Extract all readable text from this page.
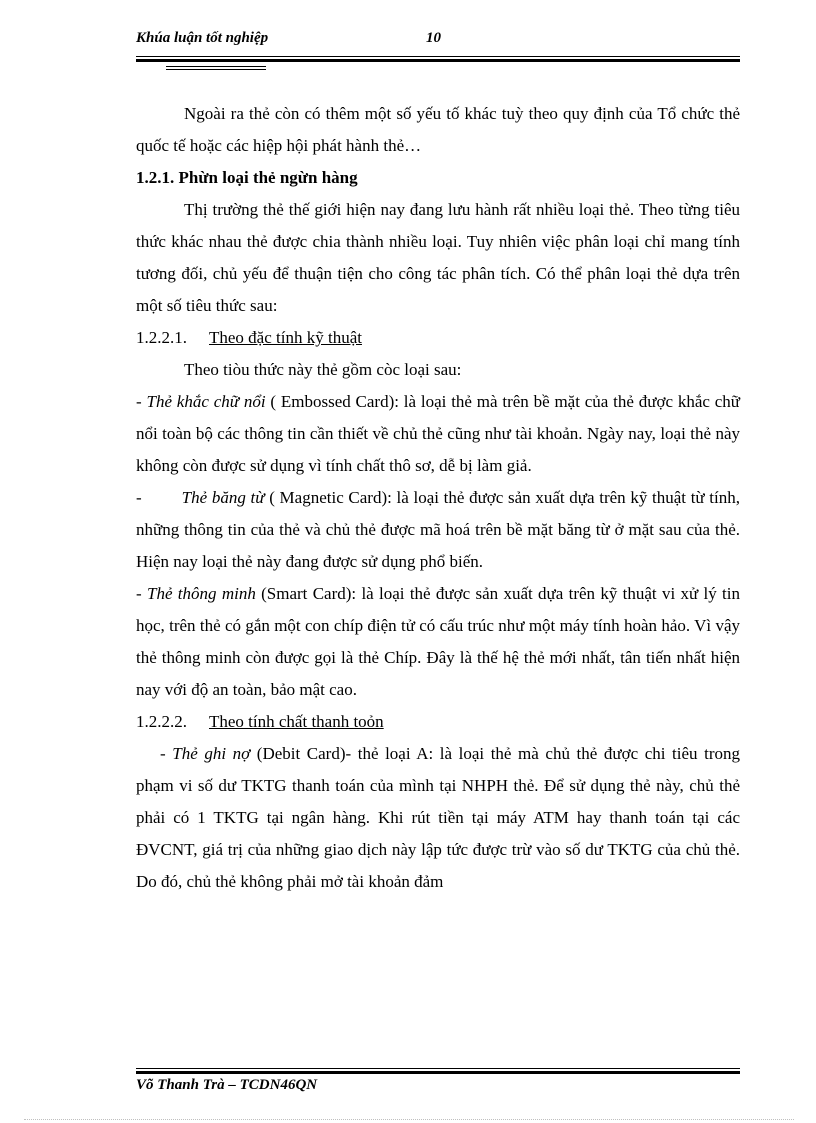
Khúa luận tốt nghiệp	10

Ngoài ra thẻ còn có thêm một số yếu tố khác tuỳ theo quy định của Tổ chức thẻ quốc tế hoặc các hiệp hội phát hành thẻ…

1.2.1. Phừn loại thẻ ngừn hàng

Thị trường thẻ thế giới hiện nay đang lưu hành rất nhiều loại thẻ. Theo từng tiêu thức khác nhau thẻ được chia thành nhiều loại. Tuy nhiên việc phân loại chỉ mang tính tương đối, chủ yếu để thuận tiện cho công tác phân tích. Có thể phân loại thẻ dựa trên một số tiêu thức sau:

1.2.2.1. Theo đặc tính kỹ thuật

Theo tiòu thức này thẻ gồm còc loại sau:

- Thẻ khắc chữ nổi ( Embossed Card): là loại thẻ mà trên bề mặt của thẻ được khắc chữ nổi toàn bộ các thông tin cần thiết về chủ thẻ cũng như tài khoản. Ngày nay, loại thẻ này không còn được sử dụng vì tính chất thô sơ, dễ bị làm giả.

- Thẻ băng từ ( Magnetic Card): là loại thẻ được sản xuất dựa trên kỹ thuật từ tính, những thông tin của thẻ và chủ thẻ được mã hoá trên bề mặt băng từ ở mặt sau của thẻ. Hiện nay loại thẻ này đang được sử dụng phổ biến.

- Thẻ thông minh (Smart Card): là loại thẻ được sản xuất dựa trên kỹ thuật vi xử lý tin học, trên thẻ có gắn một con chíp điện tử có cấu trúc như một máy tính hoàn hảo. Vì vậy thẻ thông minh còn được gọi là thẻ Chíp. Đây là thế hệ thẻ mới nhất, tân tiến nhất hiện nay với độ an toàn, bảo mật cao.

1.2.2.2. Theo tính chất thanh toỏn

- Thẻ ghi nợ (Debit Card)- thẻ loại A: là loại thẻ mà chủ thẻ được chi tiêu trong phạm vi số dư TKTG thanh toán của mình tại NHPH thẻ. Để sử dụng thẻ này, chủ thẻ phải có 1 TKTG tại ngân hàng. Khi rút tiền tại máy ATM hay thanh toán tại các ĐVCNT, giá trị của những giao dịch này lập tức được trừ vào số dư TKTG của chủ thẻ. Do đó, chủ thẻ không phải mở tài khoản đảm

Võ Thanh Trà – TCDN46QN
